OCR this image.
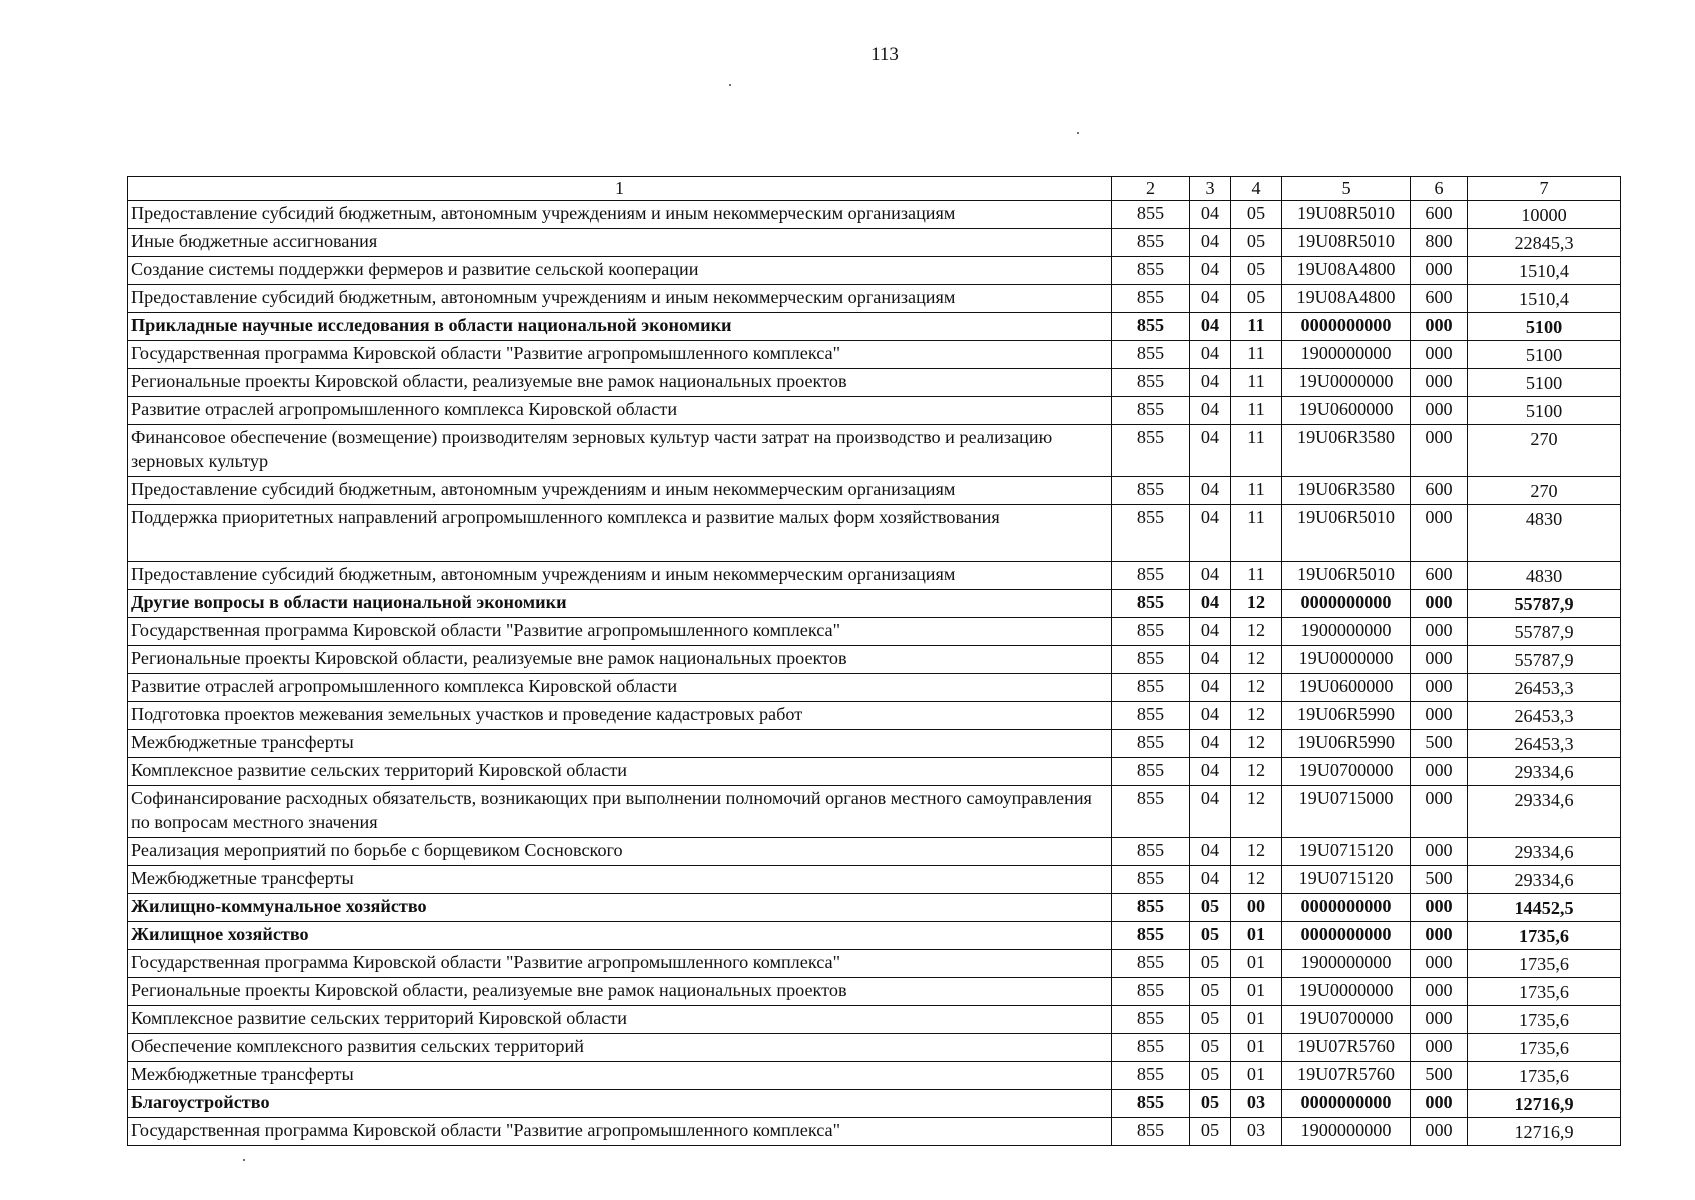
113
1	2	3	4	5	6	7
Предоставление субсидий бюджетным, автономным учреждениям и иным некоммерческим организациям	855	04	05	19U08R5010	600	10000
Иные бюджетные ассигнования	855	04	05	19U08R5010	800	22845,3
Создание системы поддержки фермеров и развитие сельской кооперации	855	04	05	19U08A4800	000	1510,4
Предоставление субсидий бюджетным, автономным учреждениям и иным некоммерческим организациям	855	04	05	19U08A4800	600	1510,4
Прикладные научные исследования в области национальной экономики	855	04	11	0000000000	000	5100
Государственная программа Кировской области "Развитие агропромышленного комплекса"	855	04	11	1900000000	000	5100
Региональные проекты Кировской области, реализуемые вне рамок национальных проектов	855	04	11	19U0000000	000	5100
Развитие отраслей агропромышленного комплекса Кировской области	855	04	11	19U0600000	000	5100
Финансовое обеспечение (возмещение) производителям зерновых культур части затрат на производство и реализацию зерновых культур	855	04	11	19U06R3580	000	270
Предоставление субсидий бюджетным, автономным учреждениям и иным некоммерческим организациям	855	04	11	19U06R3580	600	270
Поддержка приоритетных направлений агропромышленного комплекса и развитие малых форм хозяйствования	855	04	11	19U06R5010	000	4830
Предоставление субсидий бюджетным, автономным учреждениям и иным некоммерческим организациям	855	04	11	19U06R5010	600	4830
Другие вопросы в области национальной экономики	855	04	12	0000000000	000	55787,9
Государственная программа Кировской области "Развитие агропромышленного комплекса"	855	04	12	1900000000	000	55787,9
Региональные проекты Кировской области, реализуемые вне рамок национальных проектов	855	04	12	19U0000000	000	55787,9
Развитие отраслей агропромышленного комплекса Кировской области	855	04	12	19U0600000	000	26453,3
Подготовка проектов межевания земельных участков и проведение кадастровых работ	855	04	12	19U06R5990	000	26453,3
Межбюджетные трансферты	855	04	12	19U06R5990	500	26453,3
Комплексное развитие сельских территорий Кировской области	855	04	12	19U0700000	000	29334,6
Софинансирование расходных обязательств, возникающих при выполнении полномочий органов местного самоуправления по вопросам местного значения	855	04	12	19U0715000	000	29334,6
Реализация мероприятий по борьбе с борщевиком Сосновского	855	04	12	19U0715120	000	29334,6
Межбюджетные трансферты	855	04	12	19U0715120	500	29334,6
Жилищно-коммунальное хозяйство	855	05	00	0000000000	000	14452,5
Жилищное хозяйство	855	05	01	0000000000	000	1735,6
Государственная программа Кировской области "Развитие агропромышленного комплекса"	855	05	01	1900000000	000	1735,6
Региональные проекты Кировской области, реализуемые вне рамок национальных проектов	855	05	01	19U0000000	000	1735,6
Комплексное развитие сельских территорий Кировской области	855	05	01	19U0700000	000	1735,6
Обеспечение комплексного развития сельских территорий	855	05	01	19U07R5760	000	1735,6
Межбюджетные трансферты	855	05	01	19U07R5760	500	1735,6
Благоустройство	855	05	03	0000000000	000	12716,9
Государственная программа Кировской области "Развитие агропромышленного комплекса"	855	05	03	1900000000	000	12716,9
